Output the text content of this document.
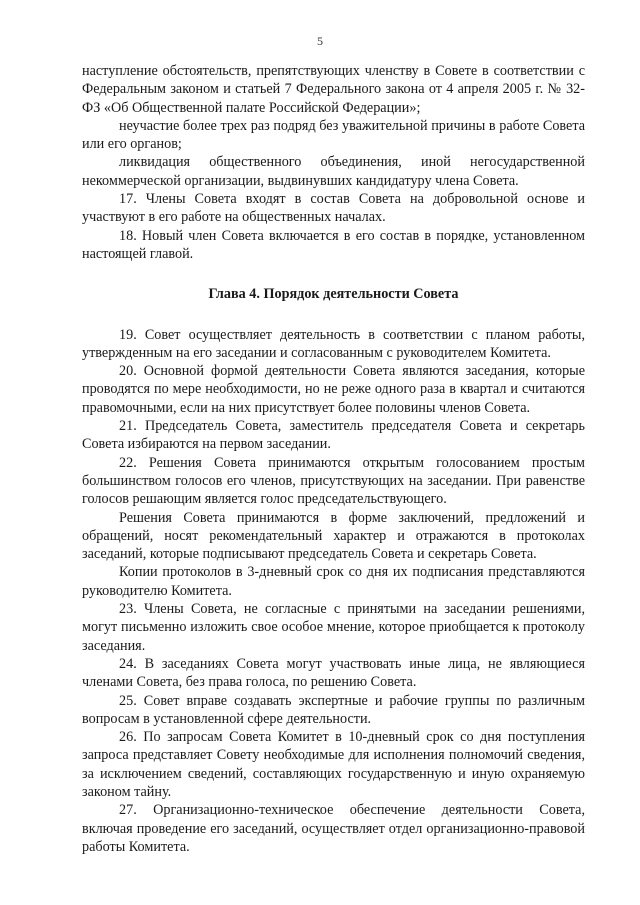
5

наступление обстоятельств, препятствующих членству в Совете в соответствии с Федеральным законом и статьей 7 Федерального закона от 4 апреля 2005 г. № 32-ФЗ «Об Общественной палате Российской Федерации»;

неучастие более трех раз подряд без уважительной причины в работе Совета или его органов;

ликвидация общественного объединения, иной негосударственной некоммерческой организации, выдвинувших кандидатуру члена Совета.

17. Члены Совета входят в состав Совета на добровольной основе и участвуют в его работе на общественных началах.

18. Новый член Совета включается в его состав в порядке, установленном настоящей главой.

Глава 4. Порядок деятельности Совета

19. Совет осуществляет деятельность в соответствии с планом работы, утвержденным на его заседании и согласованным с руководителем Комитета.

20. Основной формой деятельности Совета являются заседания, которые проводятся по мере необходимости, но не реже одного раза в квартал и считаются правомочными, если на них присутствует более половины членов Совета.

21. Председатель Совета, заместитель председателя Совета и секретарь Совета избираются на первом заседании.

22. Решения Совета принимаются открытым голосованием простым большинством голосов его членов, присутствующих на заседании. При равенстве голосов решающим является голос председательствующего.

Решения Совета принимаются в форме заключений, предложений и обращений, носят рекомендательный характер и отражаются в протоколах заседаний, которые подписывают председатель Совета и секретарь Совета.

Копии протоколов в 3-дневный срок со дня их подписания представляются руководителю Комитета.

23. Члены Совета, не согласные с принятыми на заседании решениями, могут письменно изложить свое особое мнение, которое приобщается к протоколу заседания.

24. В заседаниях Совета могут участвовать иные лица, не являющиеся членами Совета, без права голоса, по решению Совета.

25. Совет вправе создавать экспертные и рабочие группы по различным вопросам в установленной сфере деятельности.

26. По запросам Совета Комитет в 10-дневный срок со дня поступления запроса представляет Совету необходимые для исполнения полномочий сведения, за исключением сведений, составляющих государственную и иную охраняемую законом тайну.

27. Организационно-техническое обеспечение деятельности Совета, включая проведение его заседаний, осуществляет отдел организационно-правовой работы Комитета.
